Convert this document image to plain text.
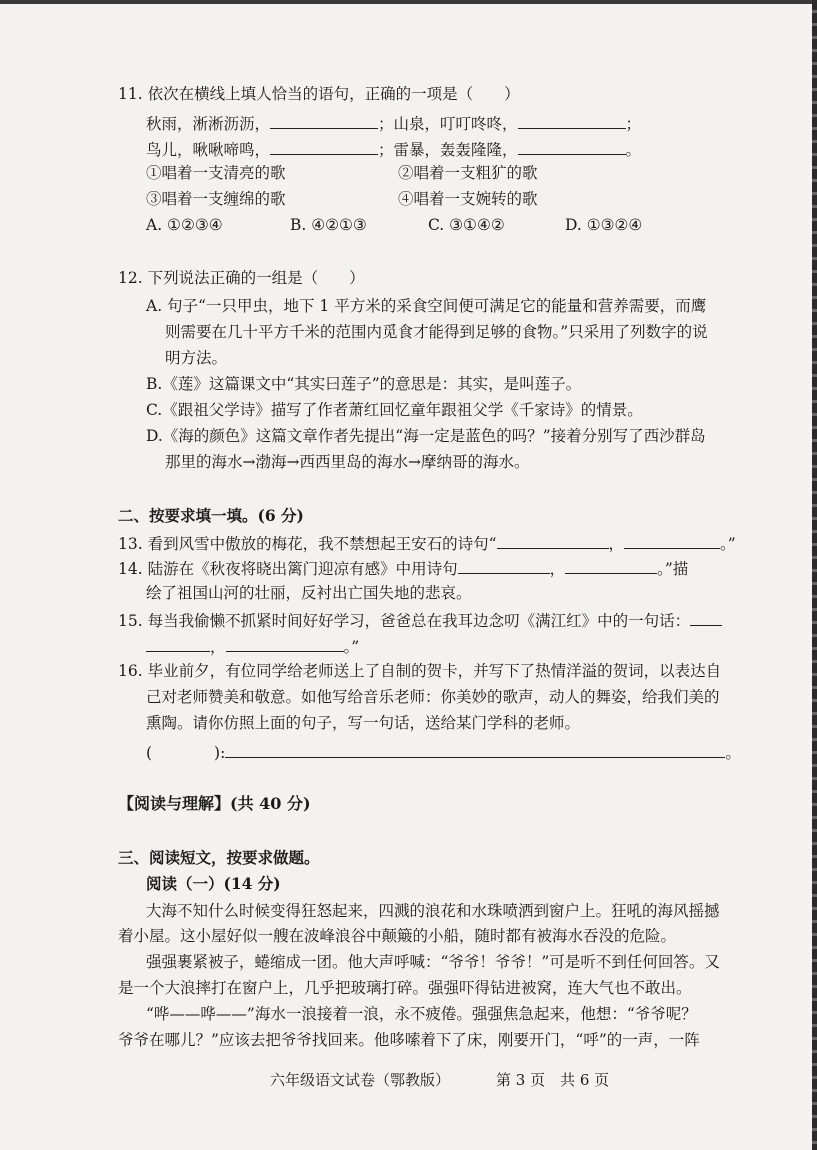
11. 依次在横线上填人恰当的语句，正确的一项是（　　）
秋雨，淅淅沥沥，	；山泉，叮叮咚咚，	；
鸟儿，啾啾啼鸣，	；雷暴，轰轰隆隆，	。
①唱着一支清亮的歌	②唱着一支粗犷的歌
③唱着一支缠绵的歌	④唱着一支婉转的歌
A. ①②③④	B. ④②①③	C. ③①④②	D. ①③②④
12. 下列说法正确的一组是（　　）
A. 句子“一只甲虫，地下 1 平方米的采食空间便可满足它的能量和营养需要，而鹰
则需要在几十平方千米的范围内觅食才能得到足够的食物。”只采用了列数字的说
明方法。
B.《莲》这篇课文中“其实曰莲子”的意思是：其实，是叫莲子。
C.《跟祖父学诗》描写了作者萧红回忆童年跟祖父学《千家诗》的情景。
D.《海的颜色》这篇文章作者先提出“海一定是蓝色的吗？”接着分别写了西沙群岛
那里的海水→渤海→西西里岛的海水→摩纳哥的海水。
二、按要求填一填。(6 分)
13. 看到风雪中傲放的梅花，我不禁想起王安石的诗句“	，	。”
14. 陆游在《秋夜将晓出篱门迎凉有感》中用诗句	，	。”描
绘了祖国山河的壮丽，反衬出亡国失地的悲哀。
15. 每当我偷懒不抓紧时间好好学习，爸爸总在我耳边念叨《满江红》中的一句话：
，	。”
16. 毕业前夕，有位同学给老师送上了自制的贺卡，并写下了热情洋溢的贺词，以表达自
己对老师赞美和敬意。如他写给音乐老师：你美妙的歌声，动人的舞姿，给我们美的
熏陶。请你仿照上面的句子，写一句话，送给某门学科的老师。
(　　　　):	。
【阅读与理解】(共 40 分)
三、阅读短文，按要求做题。
阅读（一）(14 分)
大海不知什么时候变得狂怒起来，四溅的浪花和水珠喷洒到窗户上。狂吼的海风摇撼
着小屋。这小屋好似一艘在波峰浪谷中颠簸的小船，随时都有被海水吞没的危险。
强强裹紧被子，蜷缩成一团。他大声呼喊：“爷爷！爷爷！”可是听不到任何回答。又
是一个大浪摔打在窗户上，几乎把玻璃打碎。强强吓得钻进被窝，连大气也不敢出。
“哗——哗——”海水一浪接着一浪，永不疲倦。强强焦急起来，他想：“爷爷呢？
爷爷在哪儿？”应该去把爷爷找回来。他哆嗦着下了床，刚要开门，“呼”的一声，一阵
六年级语文试卷（鄂教版）	第 3 页　共 6 页
